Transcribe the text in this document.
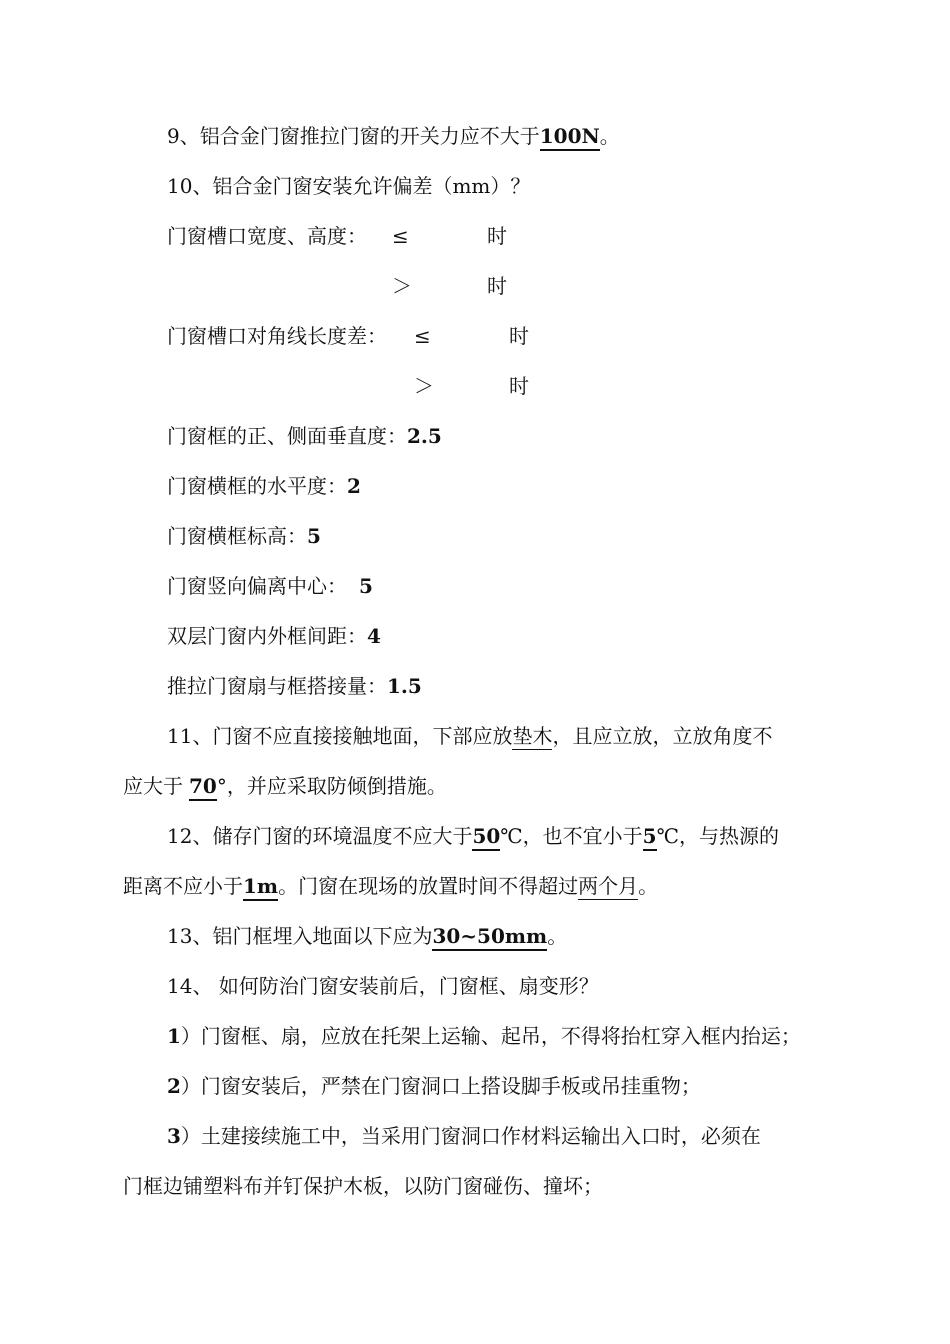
9、铝合金门窗推拉门窗的开关力应不大于100N。
10、铝合金门窗安装允许偏差（mm）？
门窗槽口宽度、高度： ≤	时
＞	时
门窗槽口对角线长度差： ≤	时
＞	时
门窗框的正、侧面垂直度：2.5
门窗横框的水平度：2
门窗横框标高：5
门窗竖向偏离中心： 5
双层门窗内外框间距：4
推拉门窗扇与框搭接量：1.5
11、门窗不应直接接触地面，下部应放垫木，且应立放，立放角度不
应大于 70°，并应采取防倾倒措施。
12、储存门窗的环境温度不应大于50℃，也不宜小于5℃，与热源的
距离不应小于1m。门窗在现场的放置时间不得超过两个月。
13、铝门框埋入地面以下应为30~50mm。
14、 如何防治门窗安装前后，门窗框、扇变形？
1）门窗框、扇，应放在托架上运输、起吊，不得将抬杠穿入框内抬运；
2）门窗安装后，严禁在门窗洞口上搭设脚手板或吊挂重物；
3）土建接续施工中，当采用门窗洞口作材料运输出入口时，必须在
门框边铺塑料布并钉保护木板，以防门窗碰伤、撞坏；
